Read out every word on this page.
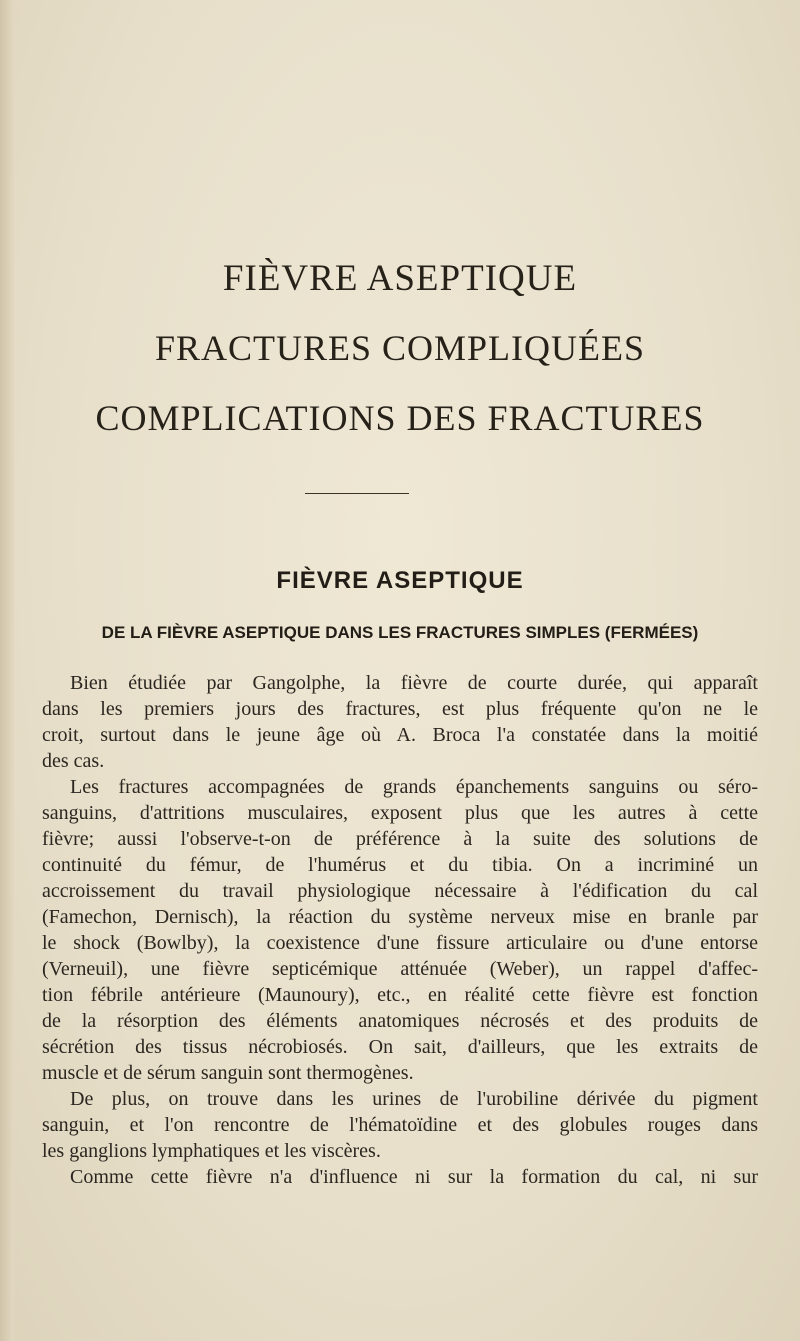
FIÈVRE ASEPTIQUE
FRACTURES COMPLIQUÉES
COMPLICATIONS DES FRACTURES
FIÈVRE ASEPTIQUE
DE LA FIÈVRE ASEPTIQUE DANS LES FRACTURES SIMPLES (FERMÉES)
Bien étudiée par Gangolphe, la fièvre de courte durée, qui apparaît
dans les premiers jours des fractures, est plus fréquente qu'on ne le
croit, surtout dans le jeune âge où A. Broca l'a constatée dans la moitié
des cas.
Les fractures accompagnées de grands épanchements sanguins ou séro-
sanguins, d'attritions musculaires, exposent plus que les autres à cette
fièvre; aussi l'observe-t-on de préférence à la suite des solutions de
continuité du fémur, de l'humérus et du tibia. On a incriminé un
accroissement du travail physiologique nécessaire à l'édification du cal
(Famechon, Dernisch), la réaction du système nerveux mise en branle par
le shock (Bowlby), la coexistence d'une fissure articulaire ou d'une entorse
(Verneuil), une fièvre septicémique atténuée (Weber), un rappel d'affec-
tion fébrile antérieure (Maunoury), etc., en réalité cette fièvre est fonction
de la résorption des éléments anatomiques nécrosés et des produits de
sécrétion des tissus nécrobiosés. On sait, d'ailleurs, que les extraits de
muscle et de sérum sanguin sont thermogènes.
De plus, on trouve dans les urines de l'urobiline dérivée du pigment
sanguin, et l'on rencontre de l'hématoïdine et des globules rouges dans
les ganglions lymphatiques et les viscères.
Comme cette fièvre n'a d'influence ni sur la formation du cal, ni sur
